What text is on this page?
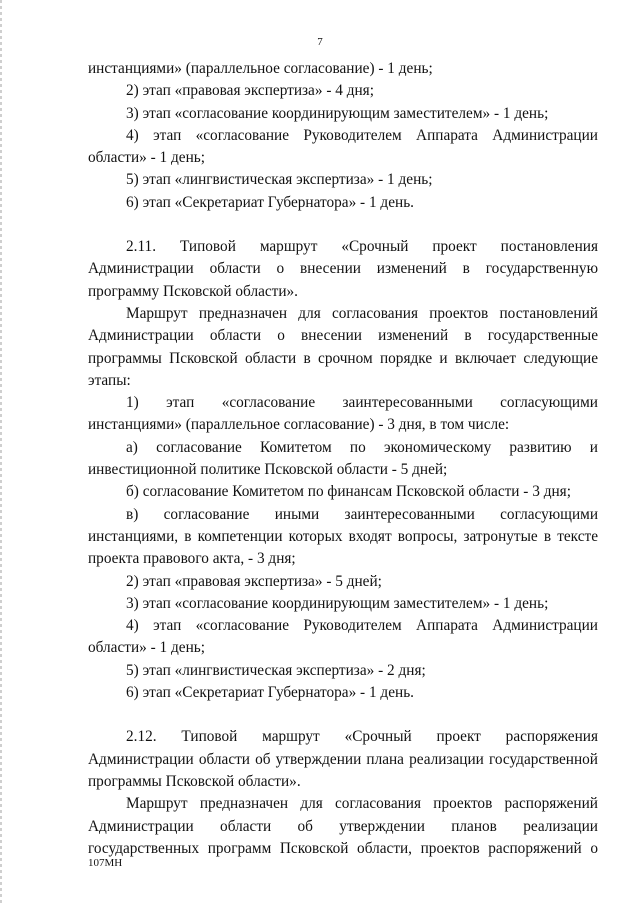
7

инстанциями» (параллельное согласование) - 1 день;

2) этап «правовая экспертиза» - 4 дня;

3) этап «согласование координирующим заместителем» - 1 день;

4) этап «согласование Руководителем Аппарата Администрации области» - 1 день;

5) этап «лингвистическая экспертиза» - 1 день;

6) этап «Секретариат Губернатора» - 1 день.

2.11. Типовой маршрут «Срочный проект постановления Администрации области о внесении изменений в государственную программу Псковской области».

Маршрут предназначен для согласования проектов постановлений Администрации области о внесении изменений в государственные программы Псковской области в срочном порядке и включает следующие этапы:

1) этап «согласование заинтересованными согласующими инстанциями» (параллельное согласование) - 3 дня, в том числе:

а) согласование Комитетом по экономическому развитию и инвестиционной политике Псковской области - 5 дней;

б) согласование Комитетом по финансам Псковской области - 3 дня;

в) согласование иными заинтересованными согласующими инстанциями, в компетенции которых входят вопросы, затронутые в тексте проекта правового акта, - 3 дня;

2) этап «правовая экспертиза» - 5 дней;

3) этап «согласование координирующим заместителем» - 1 день;

4) этап «согласование Руководителем Аппарата Администрации области» - 1 день;

5) этап «лингвистическая экспертиза» - 2 дня;

6) этап «Секретариат Губернатора» - 1 день.

2.12. Типовой маршрут «Срочный проект распоряжения Администрации области об утверждении плана реализации государственной программы Псковской области».

Маршрут предназначен для согласования проектов распоряжений Администрации области об утверждении планов реализации государственных программ Псковской области, проектов распоряжений о

107МН
